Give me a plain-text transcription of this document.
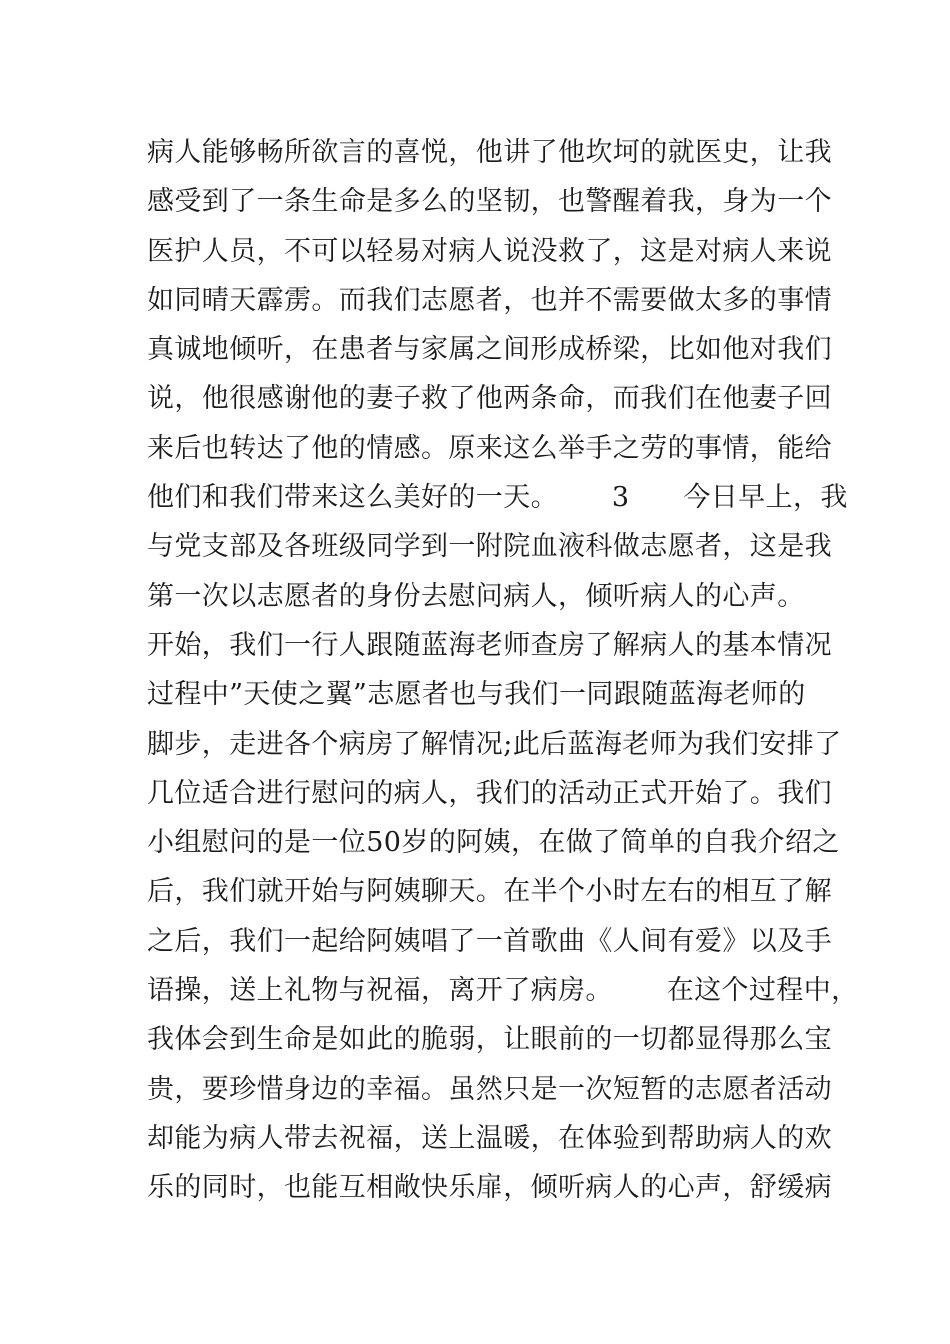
病人能够畅所欲言的喜悦，他讲了他坎坷的就医史，让我
感受到了一条生命是多么的坚韧，也警醒着我，身为一个
医护人员，不可以轻易对病人说没救了，这是对病人来说
如同晴天霹雳。而我们志愿者，也并不需要做太多的事情
真诚地倾听，在患者与家属之间形成桥梁，比如他对我们
说，他很感谢他的妻子救了他两条命，而我们在他妻子回
来后也转达了他的情感。原来这么举手之劳的事情，能给
他们和我们带来这么美好的一天。      3      今日早上，我
与党支部及各班级同学到一附院血液科做志愿者，这是我
第一次以志愿者的身份去慰问病人，倾听病人的心声。
开始，我们一行人跟随蓝海老师查房了解病人的基本情况
过程中”天使之翼”志愿者也与我们一同跟随蓝海老师的
脚步，走进各个病房了解情况;此后蓝海老师为我们安排了
几位适合进行慰问的病人，我们的活动正式开始了。我们
小组慰问的是一位50岁的阿姨，在做了简单的自我介绍之
后，我们就开始与阿姨聊天。在半个小时左右的相互了解
之后，我们一起给阿姨唱了一首歌曲《人间有爱》以及手
语操，送上礼物与祝福，离开了病房。      在这个过程中，
我体会到生命是如此的脆弱，让眼前的一切都显得那么宝
贵，要珍惜身边的幸福。虽然只是一次短暂的志愿者活动
却能为病人带去祝福，送上温暖，在体验到帮助病人的欢
乐的同时，也能互相敞快乐扉，倾听病人的心声，舒缓病
